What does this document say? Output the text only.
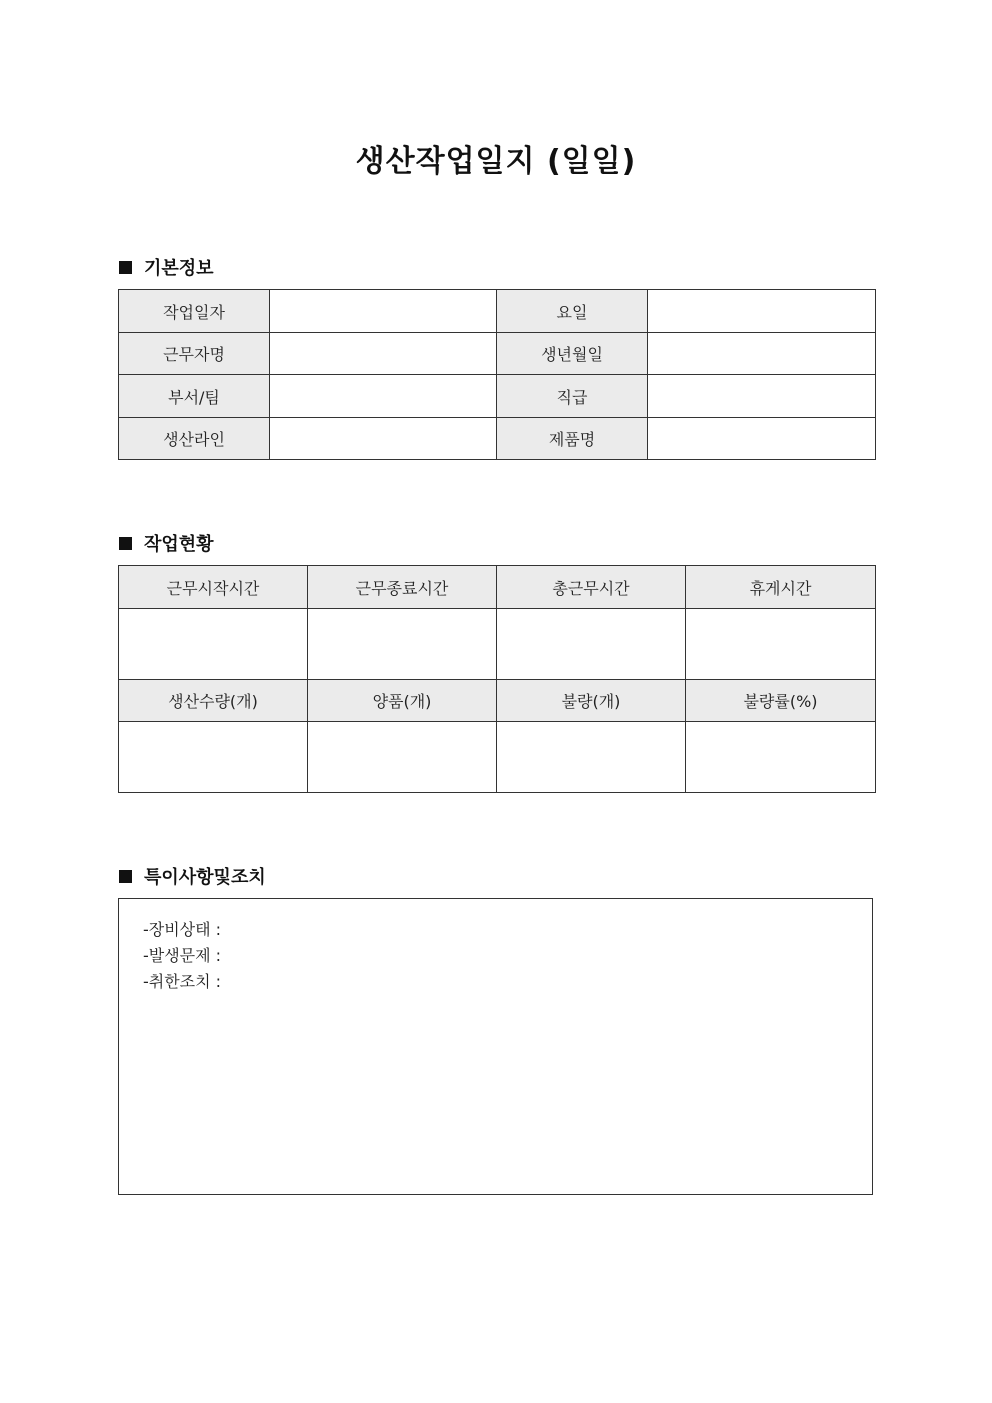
생산작업일지 (일일)
기본정보
작업일자		요일	
근무자명		생년월일	
부서/팀		직급	
생산라인		제품명	
작업현황
근무시작시간	근무종료시간	총근무시간	휴게시간

생산수량(개)	양품(개)	불량(개)	불량률(%)

특이사항및조치
-장비상태 :
-발생문제 :
-취한조치 :
